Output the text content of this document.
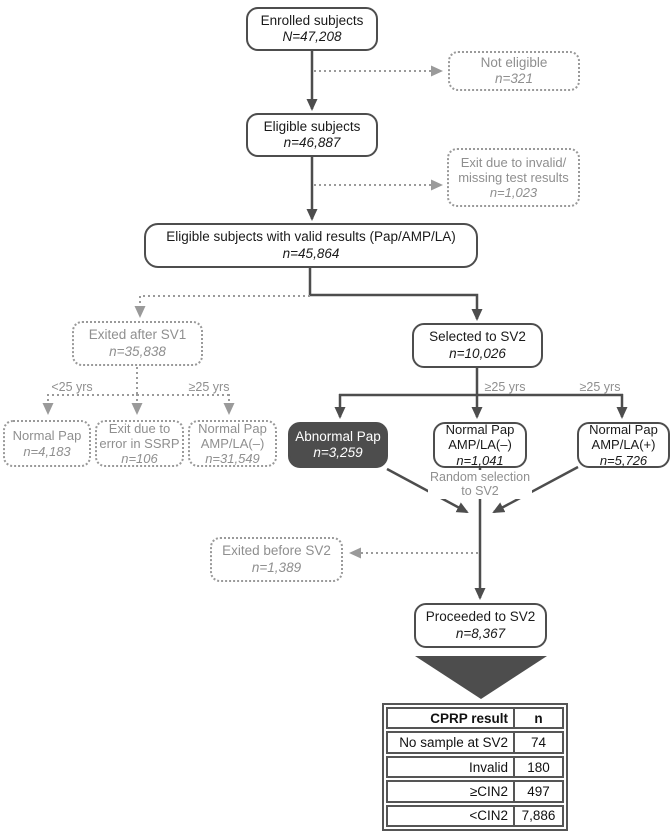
Enrolled subjects
N=47,208
Not eligible
n=321
Eligible subjects
n=46,887
Exit due to invalid/
missing test results
n=1,023
Eligible subjects with valid results (Pap/AMP/LA)
n=45,864
Exited after SV1
n=35,838
Selected to SV2
n=10,026
<25 yrs	≥25 yrs	≥25 yrs	≥25 yrs
Normal Pap
n=4,183
Exit due to
error in SSRP
n=106
Normal Pap
AMP/LA(–)
n=31,549
Abnormal Pap
n=3,259
Normal Pap
AMP/LA(–)
n=1,041
Normal Pap
AMP/LA(+)
n=5,726
Random selection
to SV2
Exited before SV2
n=1,389
Proceeded to SV2
n=8,367
CPRP result	n
No sample at SV2	74
Invalid	180
≥CIN2	497
<CIN2	7,886
